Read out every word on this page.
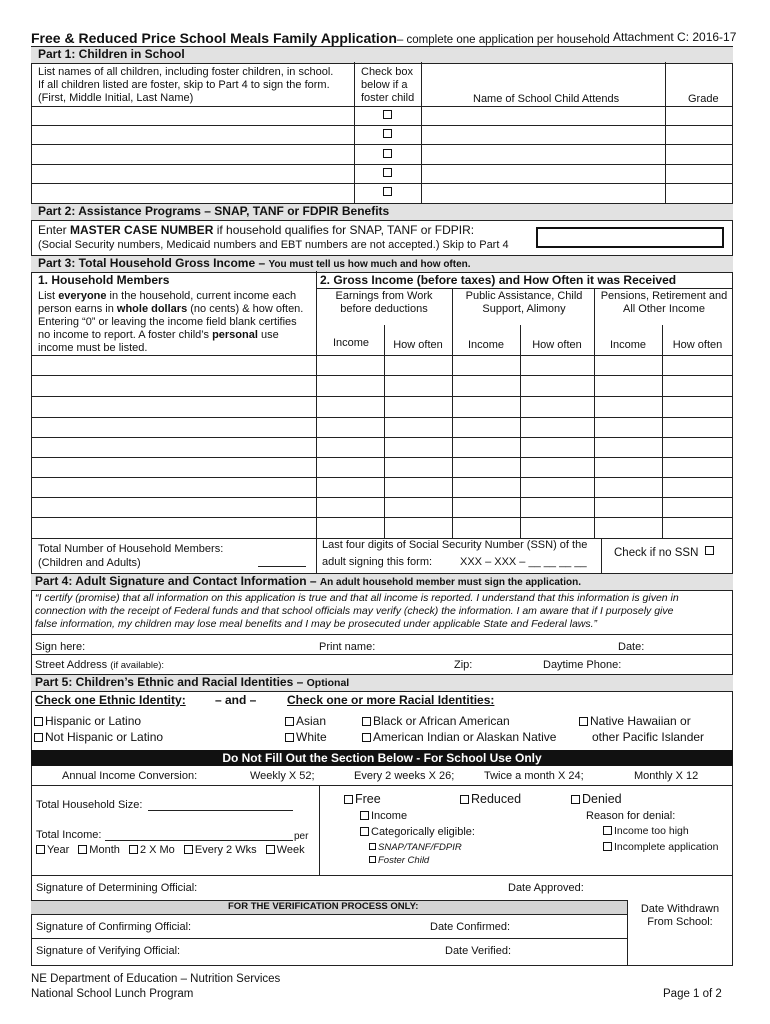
Free & Reduced Price School Meals Family Application– complete one application per household Attachment C: 2016-17
Part 1: Children in School
List names of all children, including foster children, in school.
If all children listed are foster, skip to Part 4 to sign the form.
(First, Middle Initial, Last Name)
Check box
below if a
foster child	Name of School Child Attends	Grade
Part 2: Assistance Programs – SNAP, TANF or FDPIR Benefits
Enter MASTER CASE NUMBER if household qualifies for SNAP, TANF or FDPIR:
(Social Security numbers, Medicaid numbers and EBT numbers are not accepted.) Skip to Part 4
Part 3: Total Household Gross Income – You must tell us how much and how often.
1. Household Members
List everyone in the household, current income each
person earns in whole dollars (no cents) & how often.
Entering “0” or leaving the income field blank certifies
no income to report. A foster child’s personal use
income must be listed.
2. Gross Income (before taxes) and How Often it was Received
Earnings from Work
before deductions
Public Assistance, Child
Support, Alimony
Pensions, Retirement and
All Other Income
Income	How often	Income	How often	Income	How often
Total Number of Household Members:
(Children and Adults)
Last four digits of Social Security Number (SSN) of the
adult signing this form:	XXX – XXX – __ __ __ __
Check if no SSN
Part 4: Adult Signature and Contact Information – An adult household member must sign the application.
“I certify (promise) that all information on this application is true and that all income is reported. I understand that this information is given in
connection with the receipt of Federal funds and that school officials may verify (check) the information. I am aware that if I purposely give
false information, my children may lose meal benefits and I may be prosecuted under applicable State and Federal laws.”
Sign here:	Print name:	Date:
Street Address (if available):	Zip:	Daytime Phone:
Part 5: Children’s Ethnic and Racial Identities – Optional
Check one Ethnic Identity: – and –	Check one or more Racial Identities:
Hispanic or Latino
Not Hispanic or Latino
Asian
White
Black or African American
American Indian or Alaskan Native
Native Hawaiian or
other Pacific Islander
Do Not Fill Out the Section Below - For School Use Only
Annual Income Conversion:	Weekly X 52;	Every 2 weeks X 26;	Twice a month X 24;	Monthly X 12
Total Household Size:
Total Income:	per
Year Month 2 X Mo Every 2 Wks Week
Free	Reduced	Denied
Income
Categorically eligible:
SNAP/TANF/FDPIR
Foster Child
Reason for denial:
Income too high
Incomplete application
Signature of Determining Official:	Date Approved:
FOR THE VERIFICATION PROCESS ONLY:	Date Withdrawn
From School:
Signature of Confirming Official:	Date Confirmed:
Signature of Verifying Official:	Date Verified:
NE Department of Education – Nutrition Services
National School Lunch Program	Page 1 of 2
